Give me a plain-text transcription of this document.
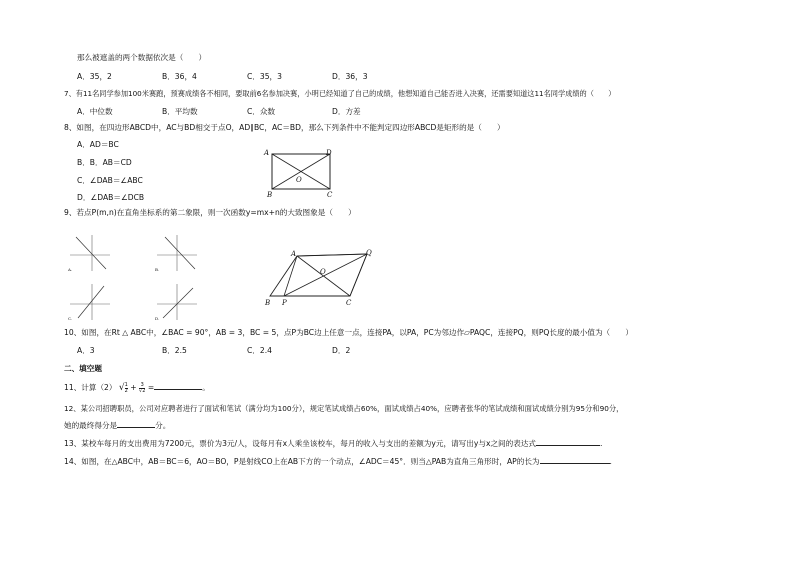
那么被遮盖的两个数据依次是（　　）
A．35，2	B．36，4	C．35，3	D．36，3
7、有11名同学参加100米赛跑，预赛成绩各不相同，要取前6名参加决赛，小明已经知道了自己的成绩，他想知道自己能否进入决赛，还需要知道这11名同学成绩的（　　）
A．中位数	B．平均数	C．众数	D．方差
8、如图，在四边形ABCD中，AC与BD相交于点O，AD∥BC，AC＝BD，那么下列条件中不能判定四边形ABCD是矩形的是（　　）
A．AD＝BC
B．B．AB＝CD
C．∠DAB＝∠ABC
D．∠DAB＝∠DCB
A	D
O
B	C
9、若点P(m,n)在直角坐标系的第二象限，则一次函数y=mx+n的大致图象是（　　）
A.	B.
C.	D.
A	Q
O
B P	C
10、如图，在Rt △ ABC中，∠BAC = 90°，AB = 3，BC = 5，点P为BC边上任意一点，连接PA，以PA，PC为邻边作▱PAQC，连接PQ，则PQ长度的最小值为（　　）
A．3	B．2.5	C．2.4	D．2
二、填空题
11、计算（2） √ $\frac{1}{2} + \frac{3}{√2}$ =	。
12、某公司招聘职员，公司对应聘者进行了面试和笔试（满分均为100分），规定笔试成绩占60%，面试成绩占40%，应聘者张华的笔试成绩和面试成绩分别为95分和90分，
她的最终得分是	分。
13、某校车每月的支出费用为7200元，票价为3元/人，设每月有x人乘坐该校车，每月的收入与支出的差额为y元，请写出y与x之间的表达式	.
14、如图，在△ABC中，AB＝BC＝6，AO＝BO，P是射线CO上在AB下方的一个动点，∠ADC＝45°．则当△PAB为直角三角形时，AP的长为	.
